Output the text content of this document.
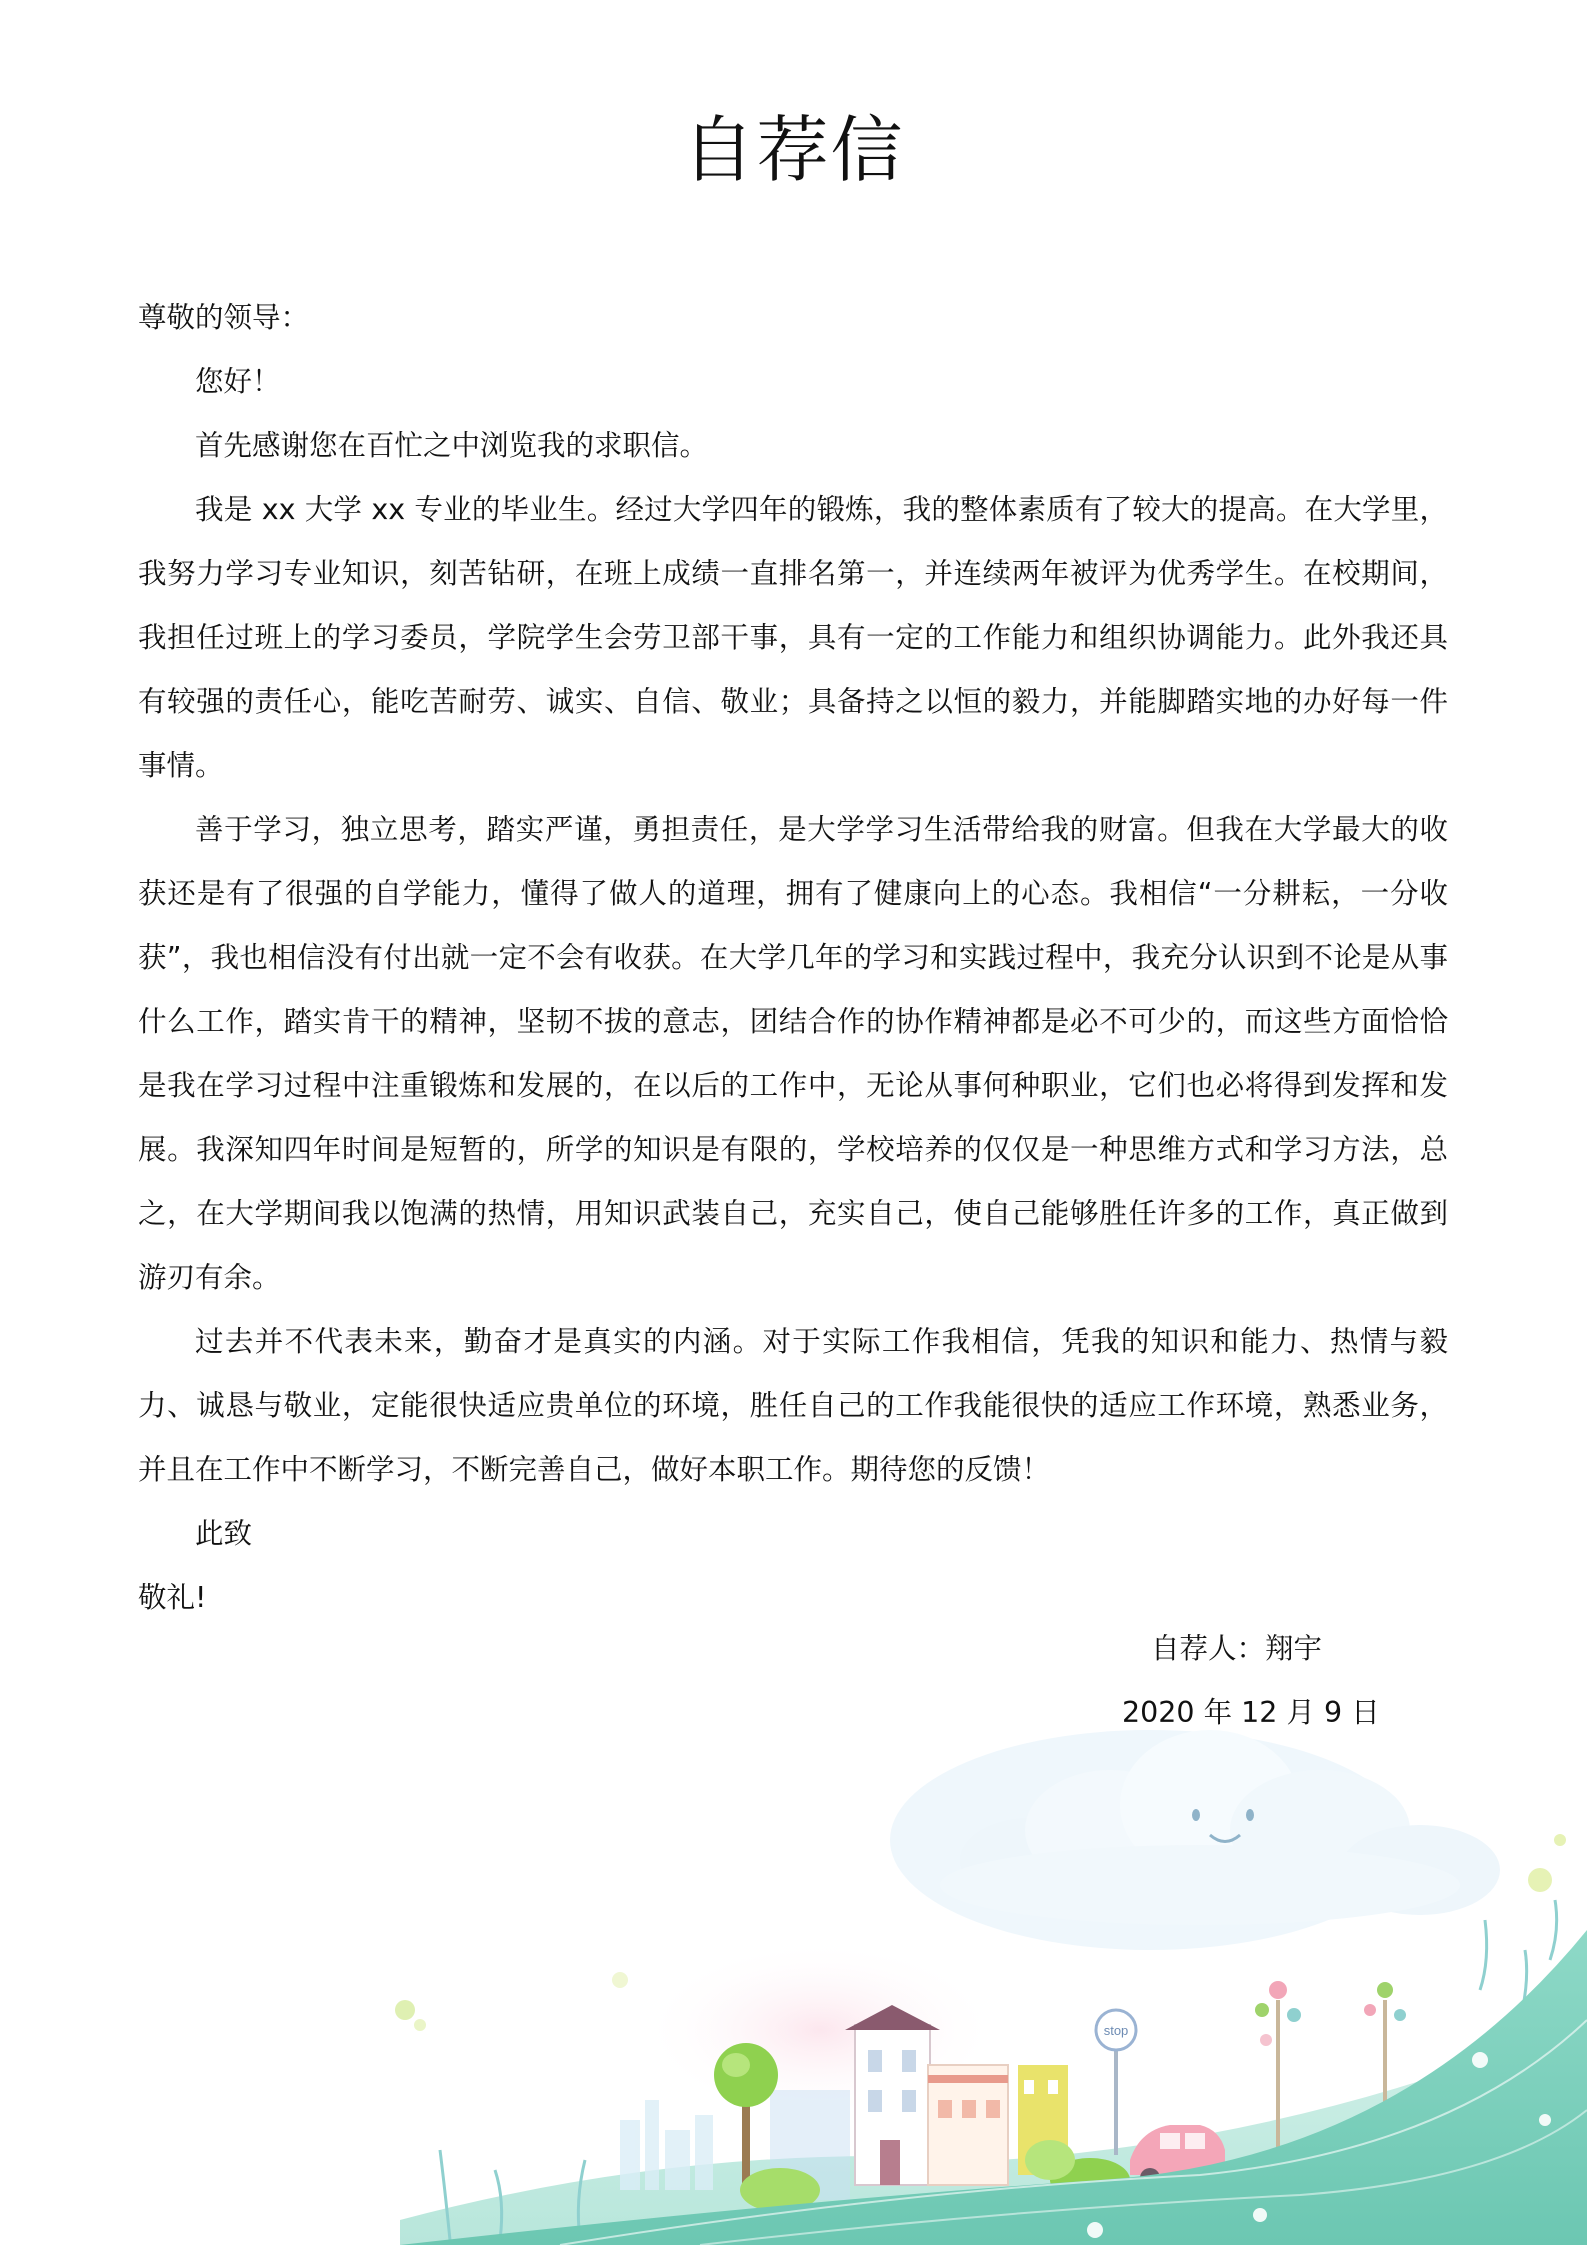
自荐信

尊敬的领导：

您好！

首先感谢您在百忙之中浏览我的求职信。

我是 xx 大学 xx 专业的毕业生。经过大学四年的锻炼，我的整体素质有了较大的提高。在大学里，我努力学习专业知识，刻苦钻研，在班上成绩一直排名第一，并连续两年被评为优秀学生。在校期间，我担任过班上的学习委员，学院学生会劳卫部干事，具有一定的工作能力和组织协调能力。此外我还具有较强的责任心，能吃苦耐劳、诚实、自信、敬业；具备持之以恒的毅力，并能脚踏实地的办好每一件事情。

善于学习，独立思考，踏实严谨，勇担责任，是大学学习生活带给我的财富。但我在大学最大的收获还是有了很强的自学能力，懂得了做人的道理，拥有了健康向上的心态。我相信“一分耕耘，一分收获”，我也相信没有付出就一定不会有收获。在大学几年的学习和实践过程中，我充分认识到不论是从事什么工作，踏实肯干的精神，坚韧不拔的意志，团结合作的协作精神都是必不可少的，而这些方面恰恰是我在学习过程中注重锻炼和发展的，在以后的工作中，无论从事何种职业，它们也必将得到发挥和发展。我深知四年时间是短暂的，所学的知识是有限的，学校培养的仅仅是一种思维方式和学习方法，总之，在大学期间我以饱满的热情，用知识武装自己，充实自己，使自己能够胜任许多的工作，真正做到游刃有余。

过去并不代表未来，勤奋才是真实的内涵。对于实际工作我相信，凭我的知识和能力、热情与毅力、诚恳与敬业，定能很快适应贵单位的环境，胜任自己的工作我能很快的适应工作环境，熟悉业务，并且在工作中不断学习，不断完善自己，做好本职工作。期待您的反馈！

此致

敬礼!

自荐人：翔宇
2020 年 12 月 9 日
stop
